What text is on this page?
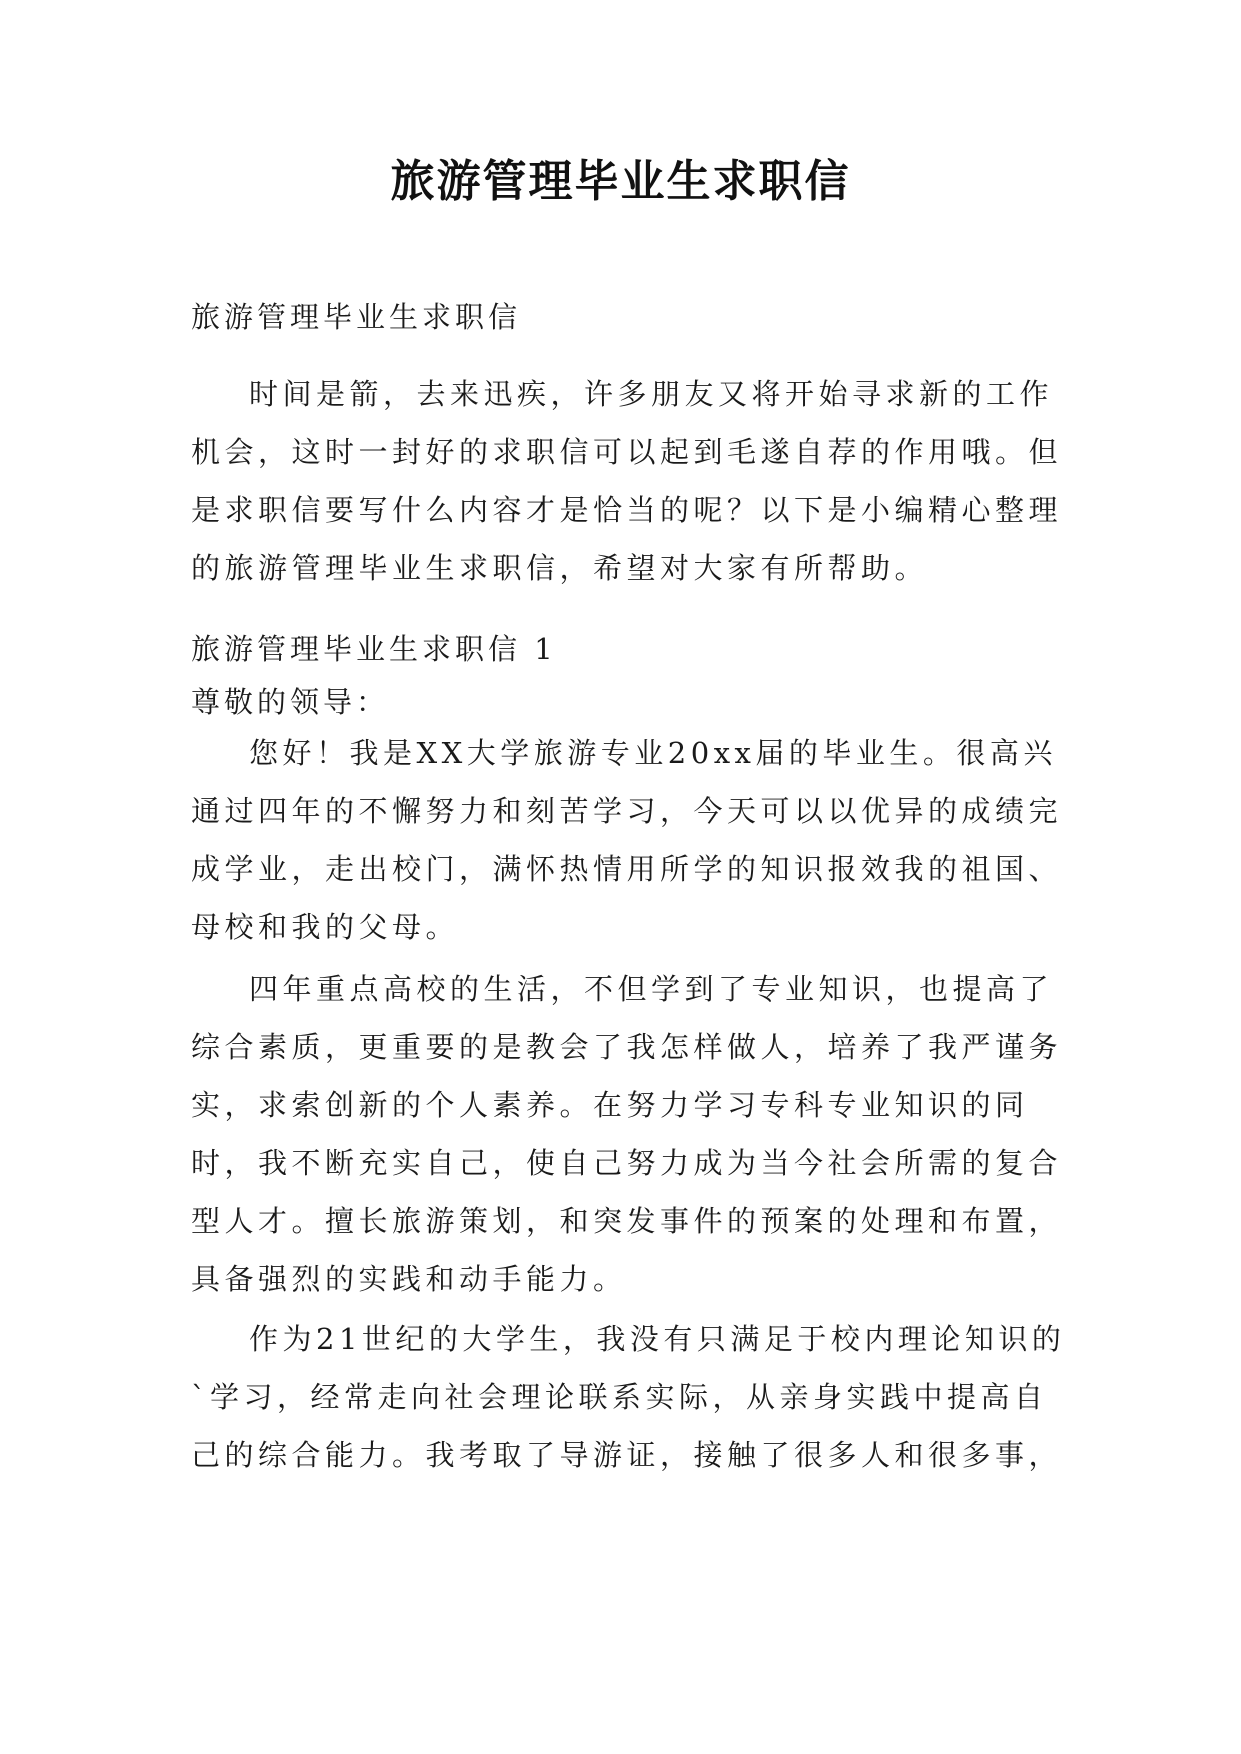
旅游管理毕业生求职信
旅游管理毕业生求职信

时间是箭，去来迅疾，许多朋友又将开始寻求新的工作机会，这时一封好的求职信可以起到毛遂自荐的作用哦。但是求职信要写什么内容才是恰当的呢？以下是小编精心整理的旅游管理毕业生求职信，希望对大家有所帮助。

旅游管理毕业生求职信 1
尊敬的领导：

您好！我是XX大学旅游专业20xx届的毕业生。很高兴通过四年的不懈努力和刻苦学习，今天可以以优异的成绩完成学业，走出校门，满怀热情用所学的知识报效我的祖国、母校和我的父母。

四年重点高校的生活，不但学到了专业知识，也提高了综合素质，更重要的是教会了我怎样做人，培养了我严谨务实，求索创新的个人素养。在努力学习专科专业知识的同时，我不断充实自己，使自己努力成为当今社会所需的复合型人才。擅长旅游策划，和突发事件的预案的处理和布置，具备强烈的实践和动手能力。

作为21世纪的大学生，我没有只满足于校内理论知识的`学习，经常走向社会理论联系实际，从亲身实践中提高自己的综合能力。我考取了导游证，接触了很多人和很多事，
